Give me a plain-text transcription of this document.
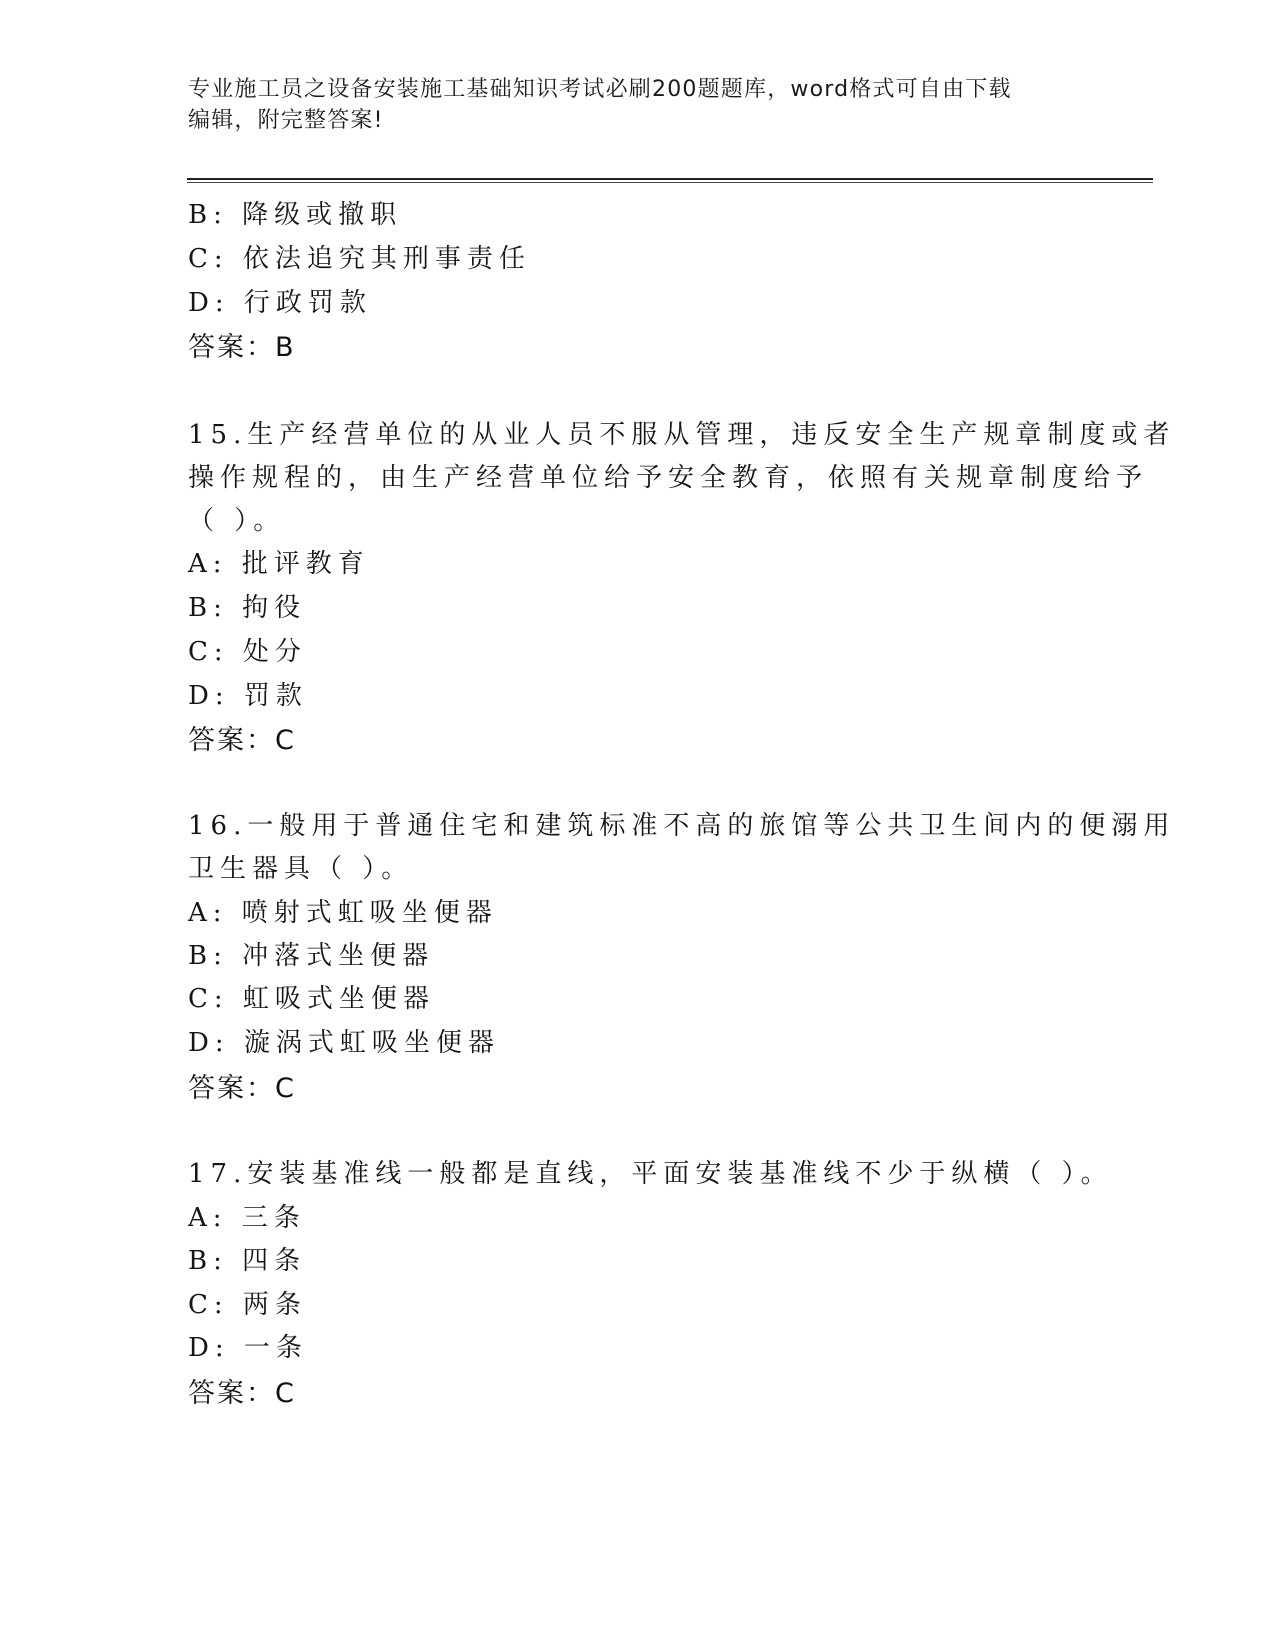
专业施工员之设备安装施工基础知识考试必刷200题题库，word格式可自由下载
编辑，附完整答案!
B: 降级或撤职
C: 依法追究其刑事责任
D: 行政罚款
答案：B
15.生产经营单位的从业人员不服从管理，违反安全生产规章制度或者
操作规程的，由生产经营单位给予安全教育，依照有关规章制度给予
（ ）。
A: 批评教育
B: 拘役
C: 处分
D: 罚款
答案：C
16.一般用于普通住宅和建筑标准不高的旅馆等公共卫生间内的便溺用
卫生器具（ ）。
A: 喷射式虹吸坐便器
B: 冲落式坐便器
C: 虹吸式坐便器
D: 漩涡式虹吸坐便器
答案：C
17.安装基准线一般都是直线，平面安装基准线不少于纵横（ ）。
A: 三条
B: 四条
C: 两条
D: 一条
答案：C
